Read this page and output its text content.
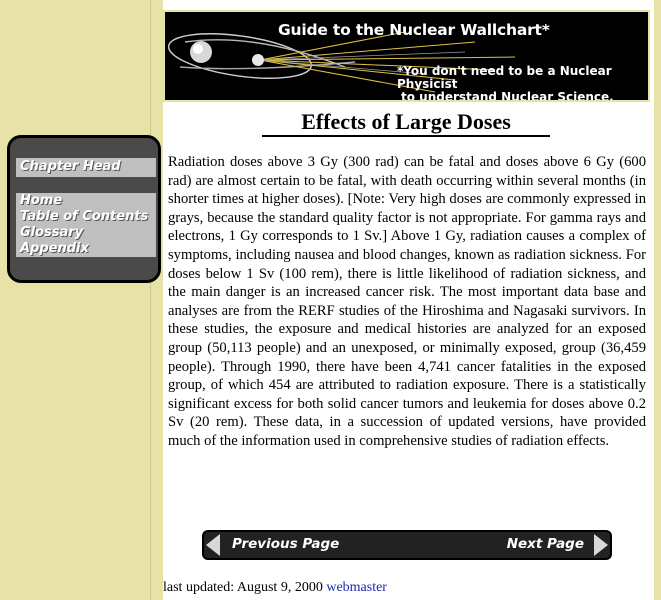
Guide to the Nuclear Wallchart*
*You don't need to be a Nuclear Physicist
to understand Nuclear Science.
Effects of Large Doses
Chapter Head
Home
Table of Contents
Glossary
Appendix

Radiation doses above 3 Gy (300 rad) can be fatal and doses above 6 Gy (600 rad) are almost certain to be fatal, with death occurring within several months (in shorter times at higher doses). [Note: Very high doses are commonly expressed in grays, because the standard quality factor is not appropriate. For gamma rays and electrons, 1 Gy corresponds to 1 Sv.] Above 1 Gy, radiation causes a complex of symptoms, including nausea and blood changes, known as radiation sickness. For doses below 1 Sv (100 rem), there is little likelihood of radiation sickness, and the main danger is an increased cancer risk. The most important data base and analyses are from the RERF studies of the Hiroshima and Nagasaki survivors. In these studies, the exposure and medical histories are analyzed for an exposed group (50,113 people) and an unexposed, or minimally exposed, group (36,459 people). Through 1990, there have been 4,741 cancer fatalities in the exposed group, of which 454 are attributed to radiation exposure. There is a statistically significant excess for both solid cancer tumors and leukemia for doses above 0.2 Sv (20 rem). These data, in a succession of updated versions, have provided much of the information used in comprehensive studies of radiation effects.

Previous Page	Next Page
last updated: August 9, 2000 webmaster
